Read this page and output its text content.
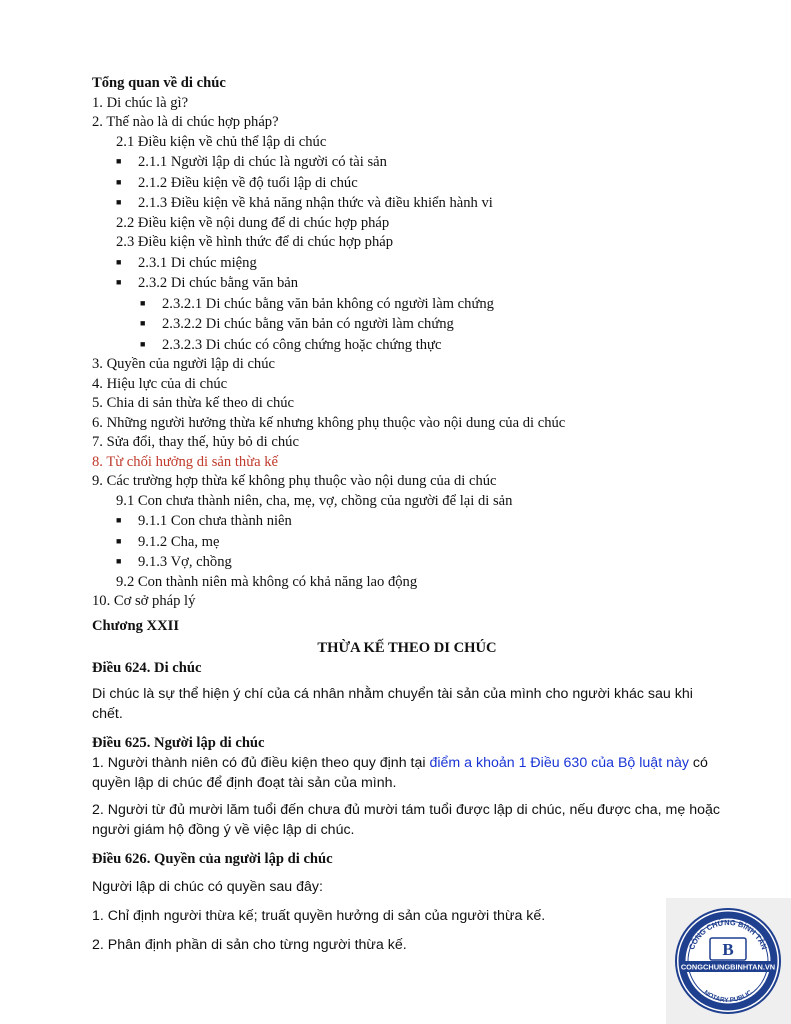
Tổng quan về di chúc
1. Di chúc là gì?
2. Thế nào là di chúc hợp pháp?
2.1 Điều kiện về chủ thể lập di chúc
■ 2.1.1 Người lập di chúc là người có tài sản
■ 2.1.2 Điều kiện về độ tuổi lập di chúc
■ 2.1.3 Điều kiện về khả năng nhận thức và điều khiển hành vi
2.2 Điều kiện về nội dung để di chúc hợp pháp
2.3 Điều kiện về hình thức để di chúc hợp pháp
■ 2.3.1 Di chúc miệng
■ 2.3.2 Di chúc bằng văn bản
■ 2.3.2.1 Di chúc bằng văn bản không có người làm chứng
■ 2.3.2.2 Di chúc bằng văn bản có người làm chứng
■ 2.3.2.3 Di chúc có công chứng hoặc chứng thực
3. Quyền của người lập di chúc
4. Hiệu lực của di chúc
5. Chia di sản thừa kế theo di chúc
6. Những người hưởng thừa kế nhưng không phụ thuộc vào nội dung của di chúc
7. Sửa đổi, thay thế, hủy bỏ di chúc
8. Từ chối hưởng di sản thừa kế
9. Các trường hợp thừa kế không phụ thuộc vào nội dung của di chúc
9.1 Con chưa thành niên, cha, mẹ, vợ, chồng của người để lại di sản
■ 9.1.1 Con chưa thành niên
■ 9.1.2 Cha, mẹ
■ 9.1.3 Vợ, chồng
9.2 Con thành niên mà không có khả năng lao động
10. Cơ sở pháp lý
Chương XXII
THỪA KẾ THEO DI CHÚC
Điều 624. Di chúc
Di chúc là sự thể hiện ý chí của cá nhân nhằm chuyển tài sản của mình cho người khác sau khi chết.
Điều 625. Người lập di chúc
1. Người thành niên có đủ điều kiện theo quy định tại điểm a khoản 1 Điều 630 của Bộ luật này có quyền lập di chúc để định đoạt tài sản của mình.
2. Người từ đủ mười lăm tuổi đến chưa đủ mười tám tuổi được lập di chúc, nếu được cha, mẹ hoặc người giám hộ đồng ý về việc lập di chúc.
Điều 626. Quyền của người lập di chúc
Người lập di chúc có quyền sau đây:
1. Chỉ định người thừa kế; truất quyền hưởng di sản của người thừa kế.
2. Phân định phần di sản cho từng người thừa kế.	CÔNG CHỨNG BÌNH TÂN
NOTARY PUBLIC
B
CONGCHUNGBINHTAN.VN
